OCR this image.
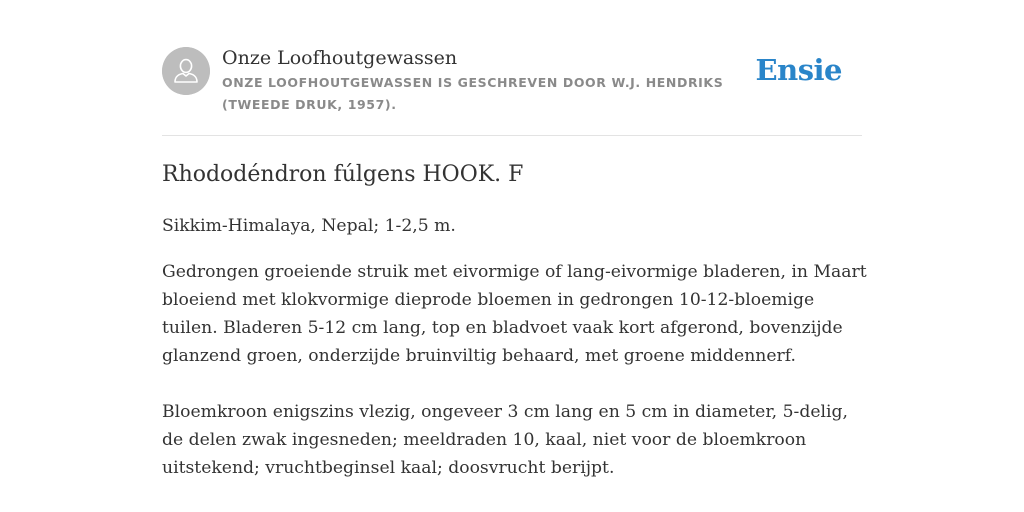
Onze Loofhoutgewassen
ONZE LOOFHOUTGEWASSEN IS GESCHREVEN DOOR W.J. HENDRIKS (TWEEDE DRUK, 1957).
Ensie
Rhododéndron fúlgens HOOK. F

Sikkim-Himalaya, Nepal; 1-2,5 m.

Gedrongen groeiende struik met eivormige of lang-eivormige bladeren, in Maart bloeiend met klokvormige dieprode bloemen in gedrongen 10-12-bloemige tuilen. Bladeren 5-12 cm lang, top en bladvoet vaak kort afgerond, bovenzijde glanzend groen, onderzijde bruinviltig behaard, met groene middennerf.

Bloemkroon enigszins vlezig, ongeveer 3 cm lang en 5 cm in diameter, 5-delig, de delen zwak ingesneden; meeldraden 10, kaal, niet voor de bloemkroon uitstekend; vruchtbeginsel kaal; doosvrucht berijpt.
